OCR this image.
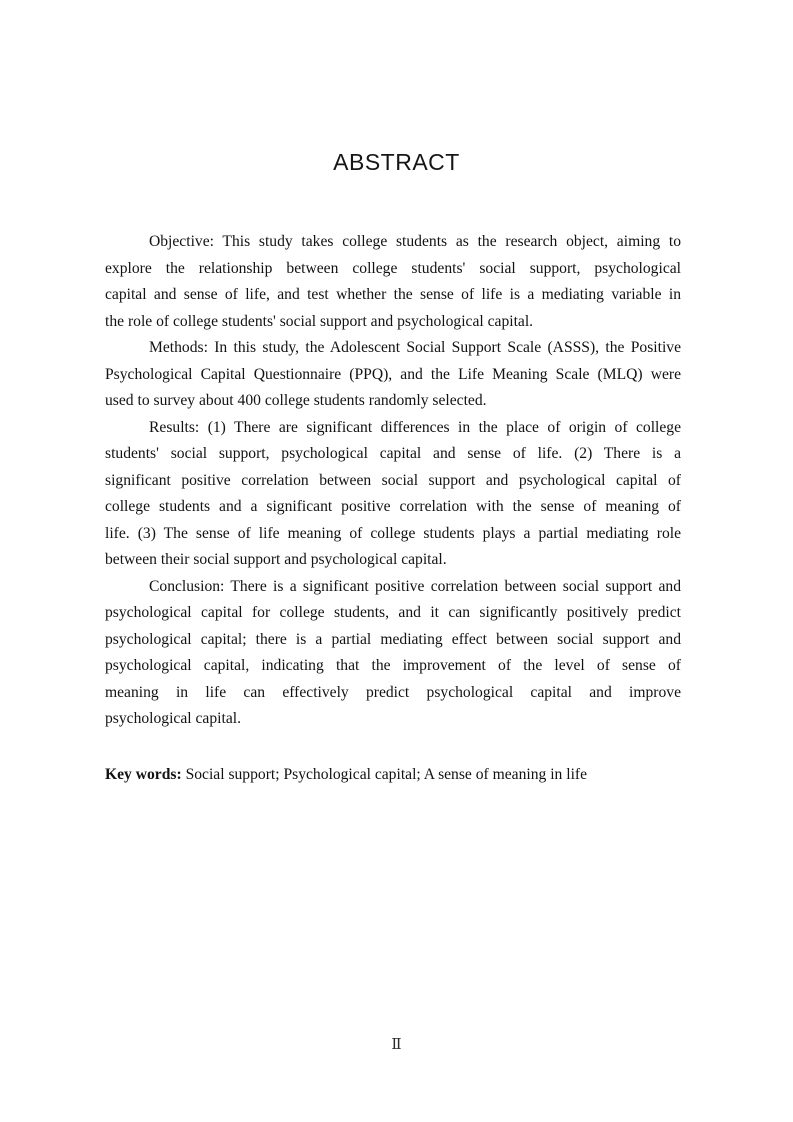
ABSTRACT
Objective: This study takes college students as the research object, aiming to
explore the relationship between college students' social support, psychological
capital and sense of life, and test whether the sense of life is a mediating variable in
the role of college students' social support and psychological capital.
Methods: In this study, the Adolescent Social Support Scale (ASSS), the Positive
Psychological Capital Questionnaire (PPQ), and the Life Meaning Scale (MLQ) were
used to survey about 400 college students randomly selected.
Results: (1) There are significant differences in the place of origin of college
students' social support, psychological capital and sense of life. (2) There is a
significant positive correlation between social support and psychological capital of
college students and a significant positive correlation with the sense of meaning of
life. (3) The sense of life meaning of college students plays a partial mediating role
between their social support and psychological capital.
Conclusion: There is a significant positive correlation between social support and
psychological capital for college students, and it can significantly positively predict
psychological capital; there is a partial mediating effect between social support and
psychological capital, indicating that the improvement of the level of sense of
meaning in life can effectively predict psychological capital and improve
psychological capital.
Key words: Social support; Psychological capital; A sense of meaning in life
Ⅱ
